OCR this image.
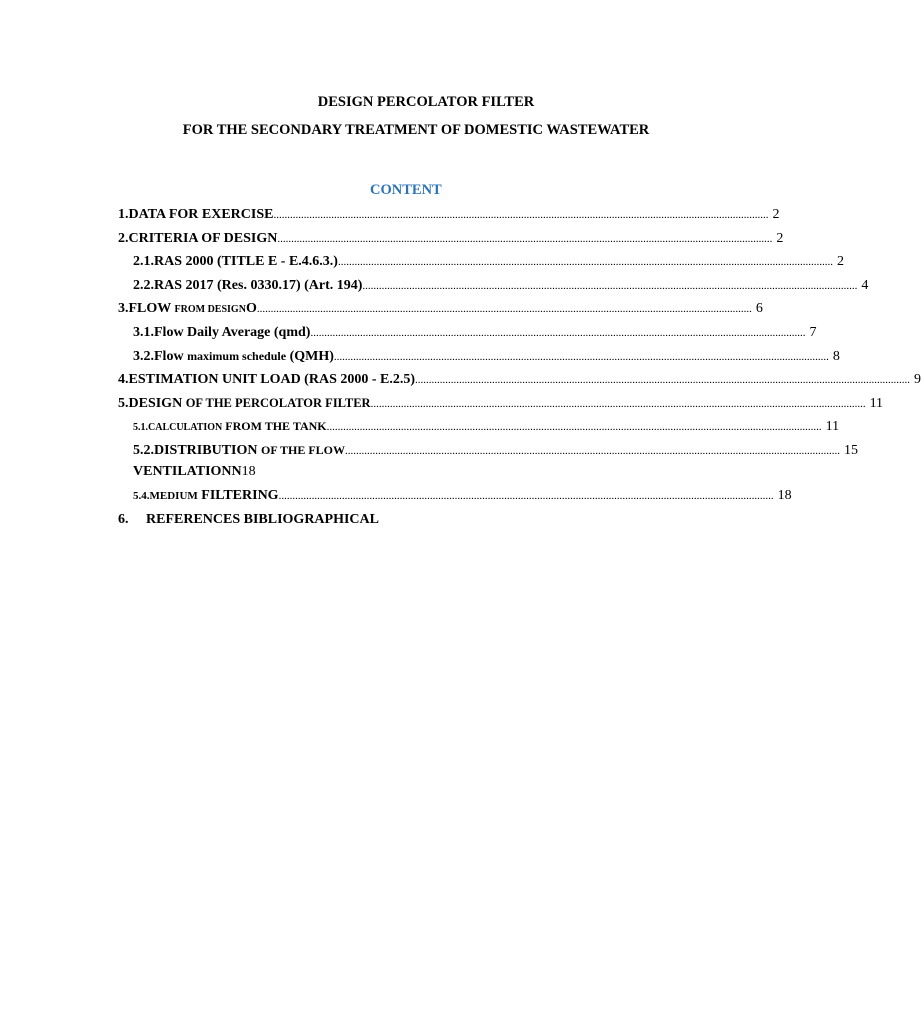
DESIGN PERCOLATOR FILTER
FOR THE SECONDARY TREATMENT OF DOMESTIC WASTEWATER
CONTENT
1. DATA FOR EXERCISE .................................................................................................................................................................................... 2
2. CRITERIA OF DESIGN .................................................................................................................................................................................... 2
2.1. RAS 2000 (TITLE E - E.4.6.3.) .................................................................................................................................................................................... 2
2.2. RAS 2017 (Res. 0330.17) (Art. 194) .................................................................................................................................................................................... 4
3. FLOW FROM DESIGNO .................................................................................................................................................................................... 6
3.1. Flow Daily Average (qmd) .................................................................................................................................................................................... 7
3.2. Flow maximum schedule (QMH) .................................................................................................................................................................................... 8
4. ESTIMATION UNIT LOAD (RAS 2000 - E.2.5) .................................................................................................................................................................................... 9
5. DESIGN OF THE PERCOLATOR FILTER .................................................................................................................................................................................... 11
5.1. CALCULATION FROM THE TANK .................................................................................................................................................................................... 11
5.2. DISTRIBUTION OF THE FLOW .................................................................................................................................................................................... 15
VENTILATIONN 18
5.4. MEDIUM FILTERING .................................................................................................................................................................................... 18
6.	REFERENCES BIBLIOGRAPHICAL
